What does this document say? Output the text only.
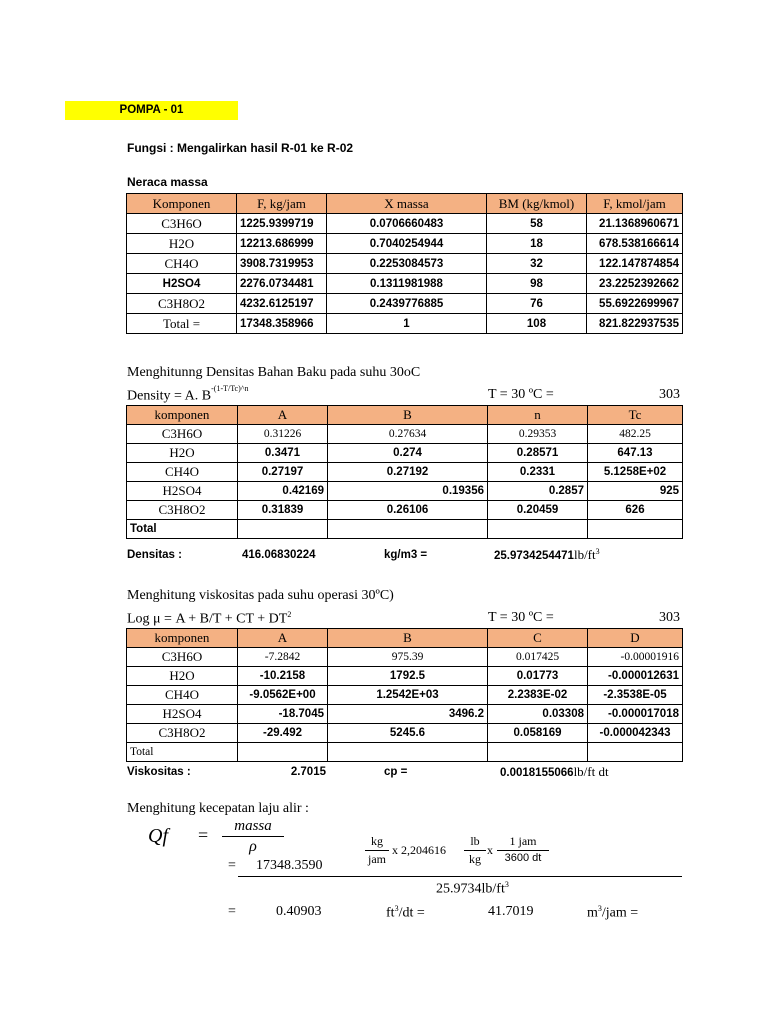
POMPA - 01
Fungsi : Mengalirkan hasil R-01 ke R-02
Neraca massa
Komponen	F, kg/jam	X massa	BM (kg/kmol)	F, kmol/jam
C3H6O	1225.9399719	0.0706660483	58	21.1368960671
H2O	12213.686999	0.7040254944	18	678.538166614
CH4O	3908.7319953	0.2253084573	32	122.147874854
H2SO4	2276.0734481	0.1311981988	98	23.2252392662
C3H8O2	4232.6125197	0.2439776885	76	55.6922699967
Total =	17348.358966	1	108	821.822937535
Menghitunng Densitas Bahan Baku pada suhu 30oC
Density = A. $B^{-(1-T/Tc)\^{}n}$	T = 30 ºC =	303
komponen	A	B	n	Tc
C3H6O	0.31226	0.27634	0.29353	482.25
H2O	0.3471	0.274	0.28571	647.13
CH4O	0.27197	0.27192	0.2331	5.1258E+02
H2SO4	0.42169	0.19356	0.2857	925
C3H8O2	0.31839	0.26106	0.20459	626
Total				
Densitas :	416.06830224	kg/m3 =	$25.9734254471lb/ft^3$
Menghitung viskositas pada suhu operasi 30ºC)
Log μ = A + B/T + CT + $DT^2$	T = 30 ºC =	303
komponen	A	B	C	D
C3H6O	-7.2842	975.39	0.017425	-0.00001916
H2O	-10.2158	1792.5	0.01773	-0.000012631
CH4O	-9.0562E+00	1.2542E+03	2.2383E-02	-2.3538E-05
H2SO4	-18.7045	3496.2	0.03308	-0.000017018
C3H8O2	-29.492	5245.6	0.058169	-0.000042343
Total				
Viskositas :	2.7015	cp =	0.0018155066lb/ft dt
Menghitung kecepatan laju alir :
Qf =	massa
ρ	kg
jam
x 2,204616
lb
kg
x
1 jam
3600 dt
= 17348.3590
$25.9734lb/ft^3$
=	0.40903	$ft^3/dt$ =	41.7019	$m^3$/jam =
